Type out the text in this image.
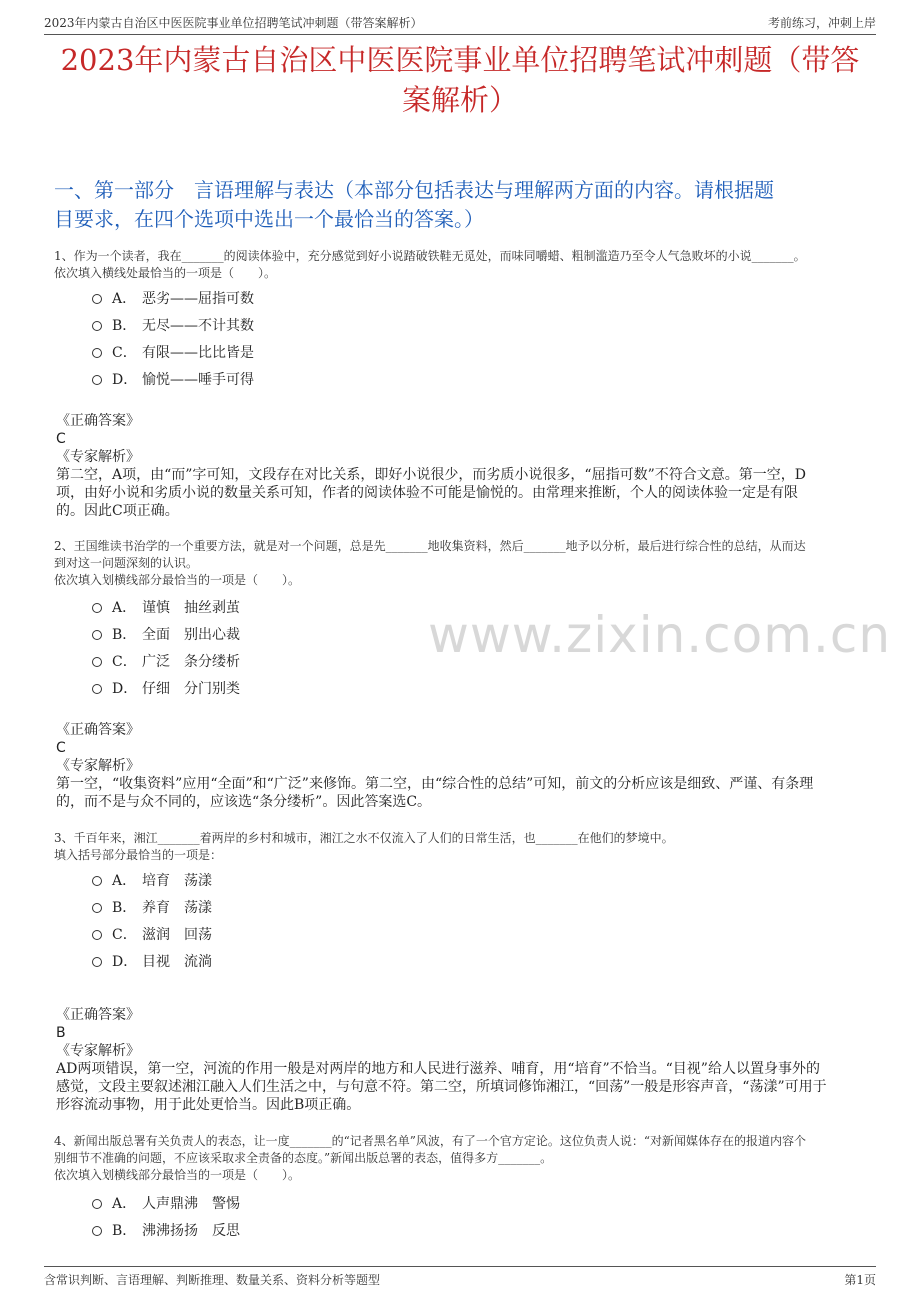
2023年内蒙古自治区中医医院事业单位招聘笔试冲刺题（带答案解析）	考前练习，冲刺上岸
2023年内蒙古自治区中医医院事业单位招聘笔试冲刺题（带答
案解析）
一、第一部分　言语理解与表达（本部分包括表达与理解两方面的内容。请根据题
目要求，在四个选项中选出一个最恰当的答案。）
www.zixin.com.cn

1、作为一个读者，我在_______的阅读体验中，充分感觉到好小说踏破铁鞋无觅处，而味同嚼蜡、粗制滥造乃至令人气急败坏的小说_______。

依次填入横线处最恰当的一项是（　　）。

A． 恶劣——屈指可数
B． 无尽——不计其数
C． 有限——比比皆是
D． 愉悦——唾手可得

《正确答案》

C

《专家解析》

第二空，A项，由“而”字可知，文段存在对比关系，即好小说很少，而劣质小说很多，“屈指可数”不符合文意。第一空，D

项，由好小说和劣质小说的数量关系可知，作者的阅读体验不可能是愉悦的。由常理来推断，个人的阅读体验一定是有限

的。因此C项正确。

2、王国维读书治学的一个重要方法，就是对一个问题，总是先_______地收集资料，然后_______地予以分析，最后进行综合性的总结，从而达

到对这一问题深刻的认识。

依次填入划横线部分最恰当的一项是（　　）。

A． 谨慎　抽丝剥茧
B． 全面　别出心裁
C． 广泛　条分缕析
D． 仔细　分门别类

《正确答案》

C

《专家解析》

第一空，“收集资料”应用“全面”和“广泛”来修饰。第二空，由“综合性的总结”可知，前文的分析应该是细致、严谨、有条理

的，而不是与众不同的，应该选“条分缕析”。因此答案选C。

3、千百年来，湘江_______着两岸的乡村和城市，湘江之水不仅流入了人们的日常生活，也_______在他们的梦境中。

填入括号部分最恰当的一项是：

A． 培育　荡漾
B． 养育　荡漾
C． 滋润　回荡
D． 目视　流淌

《正确答案》

B

《专家解析》

AD两项错误，第一空，河流的作用一般是对两岸的地方和人民进行滋养、哺育，用“培育”不恰当。“目视”给人以置身事外的

感觉，文段主要叙述湘江融入人们生活之中，与句意不符。第二空，所填词修饰湘江，“回荡”一般是形容声音，“荡漾”可用于

形容流动事物，用于此处更恰当。因此B项正确。

4、新闻出版总署有关负责人的表态，让一度_______的“记者黑名单”风波，有了一个官方定论。这位负责人说：“对新闻媒体存在的报道内容个

别细节不准确的问题，不应该采取求全责备的态度。”新闻出版总署的表态，值得多方_______。

依次填入划横线部分最恰当的一项是（　　）。

A． 人声鼎沸　警惕
B． 沸沸扬扬　反思
含常识判断、言语理解、判断推理、数量关系、资料分析等题型	第1页
